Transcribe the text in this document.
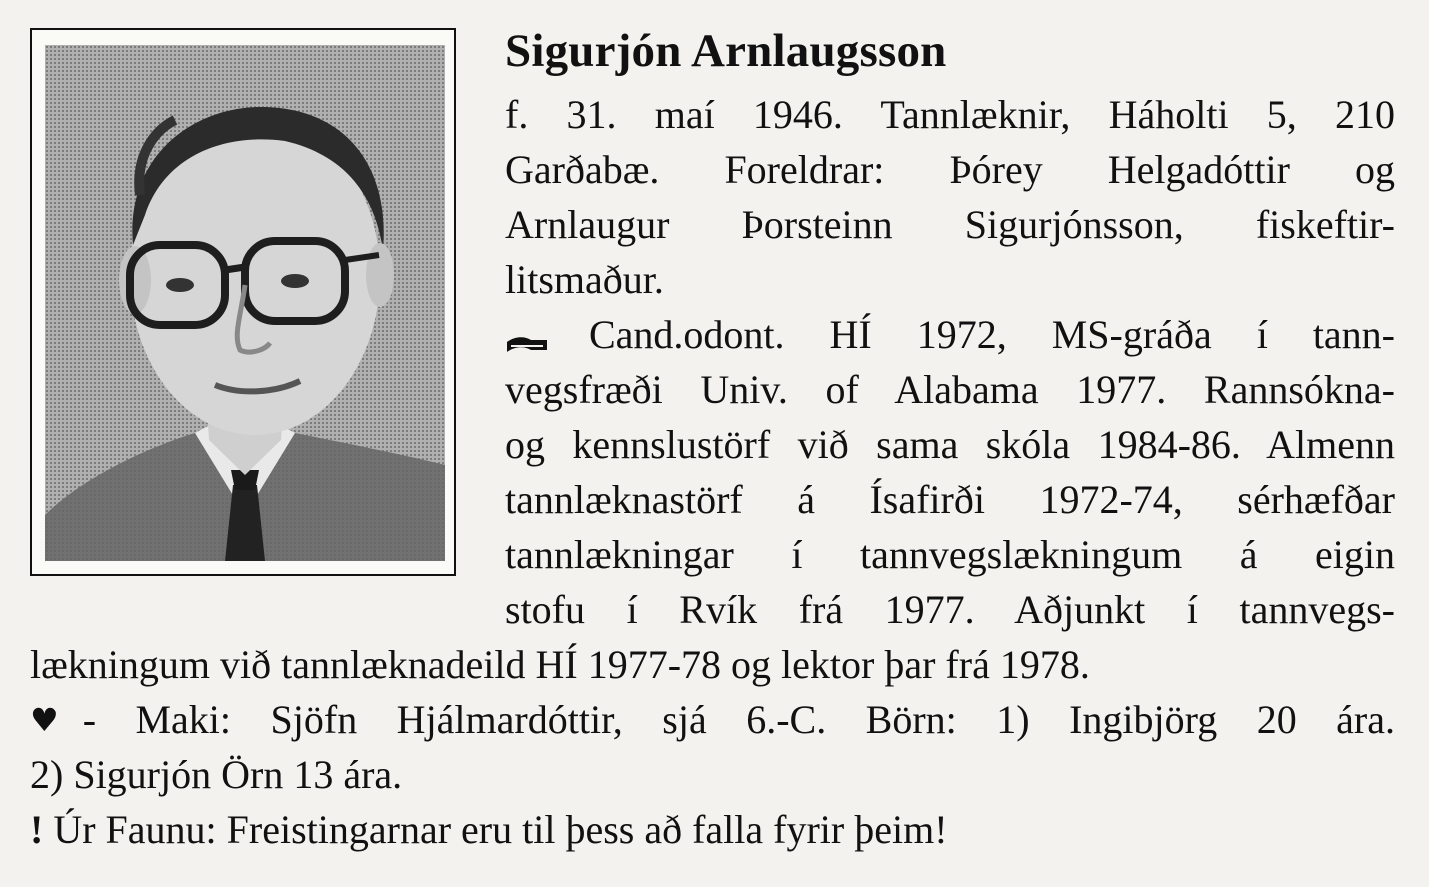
Sigurjón Arnlaugsson
f. 31. maí 1946. Tannlæknir, Háholti 5, 210
Garðabæ. Foreldrar: Þórey Helgadóttir og
Arnlaugur Þorsteinn Sigurjónsson, fiskeftir-
litsmaður.
Cand.odont. HÍ 1972, MS-gráða í tann-
vegsfræði Univ. of Alabama 1977. Rannsókna-
og kennslustörf við sama skóla 1984-86. Almenn
tannlæknastörf á Ísafirði 1972-74, sérhæfðar
tannlækningar í tannvegslækningum á eigin
stofu í Rvík frá 1977. Aðjunkt í tannvegs-
lækningum við tannlæknadeild HÍ 1977-78 og lektor þar frá 1978.
♥ - Maki: Sjöfn Hjálmardóttir, sjá 6.-C. Börn: 1) Ingibjörg 20 ára.
2) Sigurjón Örn 13 ára.
! Úr Faunu: Freistingarnar eru til þess að falla fyrir þeim!
